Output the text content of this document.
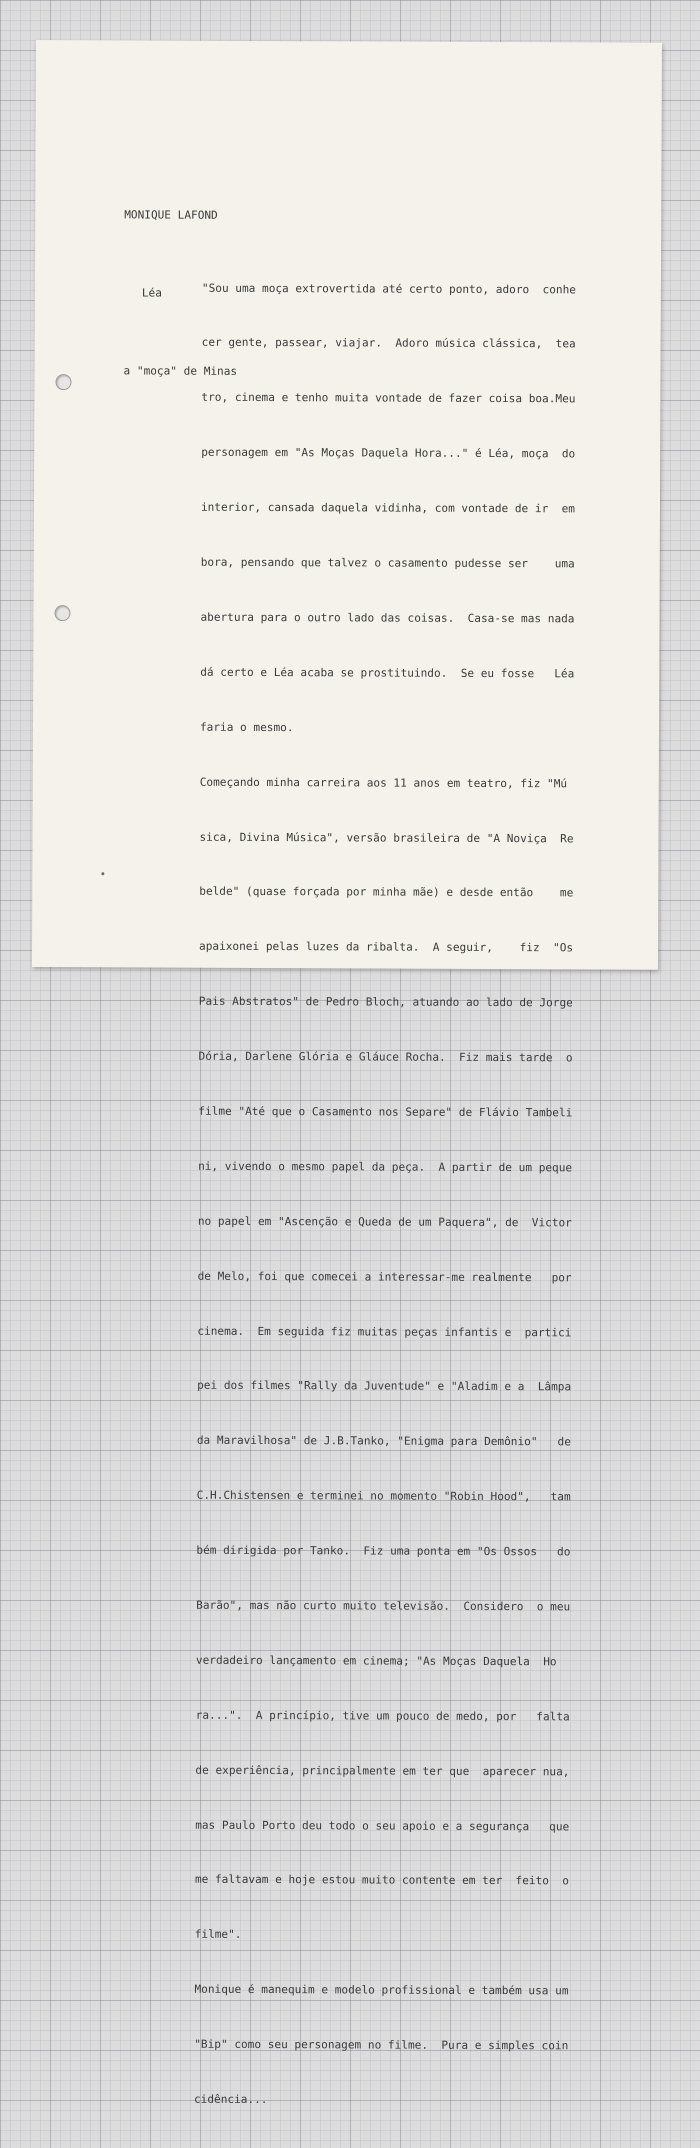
MONIQUE LAFOND

Léa

a "moça" de Minas

"Sou uma moça extrovertida até certo ponto, adoro  conhe

cer gente, passear, viajar.  Adoro música clássica,  tea

tro, cinema e tenho muita vontade de fazer coisa boa.Meu

personagem em "As Moças Daquela Hora..." é Léa, moça  do

interior, cansada daquela vidinha, com vontade de ir  em

bora, pensando que talvez o casamento pudesse ser    uma

abertura para o outro lado das coisas.  Casa-se mas nada

dá certo e Léa acaba se prostituindo.  Se eu fosse   Léa

faria o mesmo.

Começando minha carreira aos 11 anos em teatro, fiz "Mú

sica, Divina Música", versão brasileira de "A Noviça  Re

belde" (quase forçada por minha mãe) e desde então    me

apaixonei pelas luzes da ribalta.  A seguir,    fiz  "Os

Pais Abstratos" de Pedro Bloch, atuando ao lado de Jorge

Dória, Darlene Glória e Gláuce Rocha.  Fiz mais tarde  o

filme "Até que o Casamento nos Separe" de Flávio Tambeli

ni, vivendo o mesmo papel da peça.  A partir de um peque

no papel em "Ascenção e Queda de um Paquera", de  Victor

de Melo, foi que comecei a interessar-me realmente   por

cinema.  Em seguida fiz muitas peças infantis e  partici

pei dos filmes "Rally da Juventude" e "Aladim e a  Lâmpa

da Maravilhosa" de J.B.Tanko, "Enigma para Demônio"   de

C.H.Chistensen e terminei no momento "Robin Hood",   tam

bém dirigida por Tanko.  Fiz uma ponta em "Os Ossos   do

Barão", mas não curto muito televisão.  Considero  o meu

verdadeiro lançamento em cinema; "As Moças Daquela  Ho

ra...".  A princípio, tive um pouco de medo, por   falta

de experiência, principalmente em ter que  aparecer nua,

mas Paulo Porto deu todo o seu apoio e a segurança   que

me faltavam e hoje estou muito contente em ter  feito  o

filme".

Monique é manequim e modelo profissional e também usa um

"Bip" como seu personagem no filme.  Pura e simples coin

cidência...
